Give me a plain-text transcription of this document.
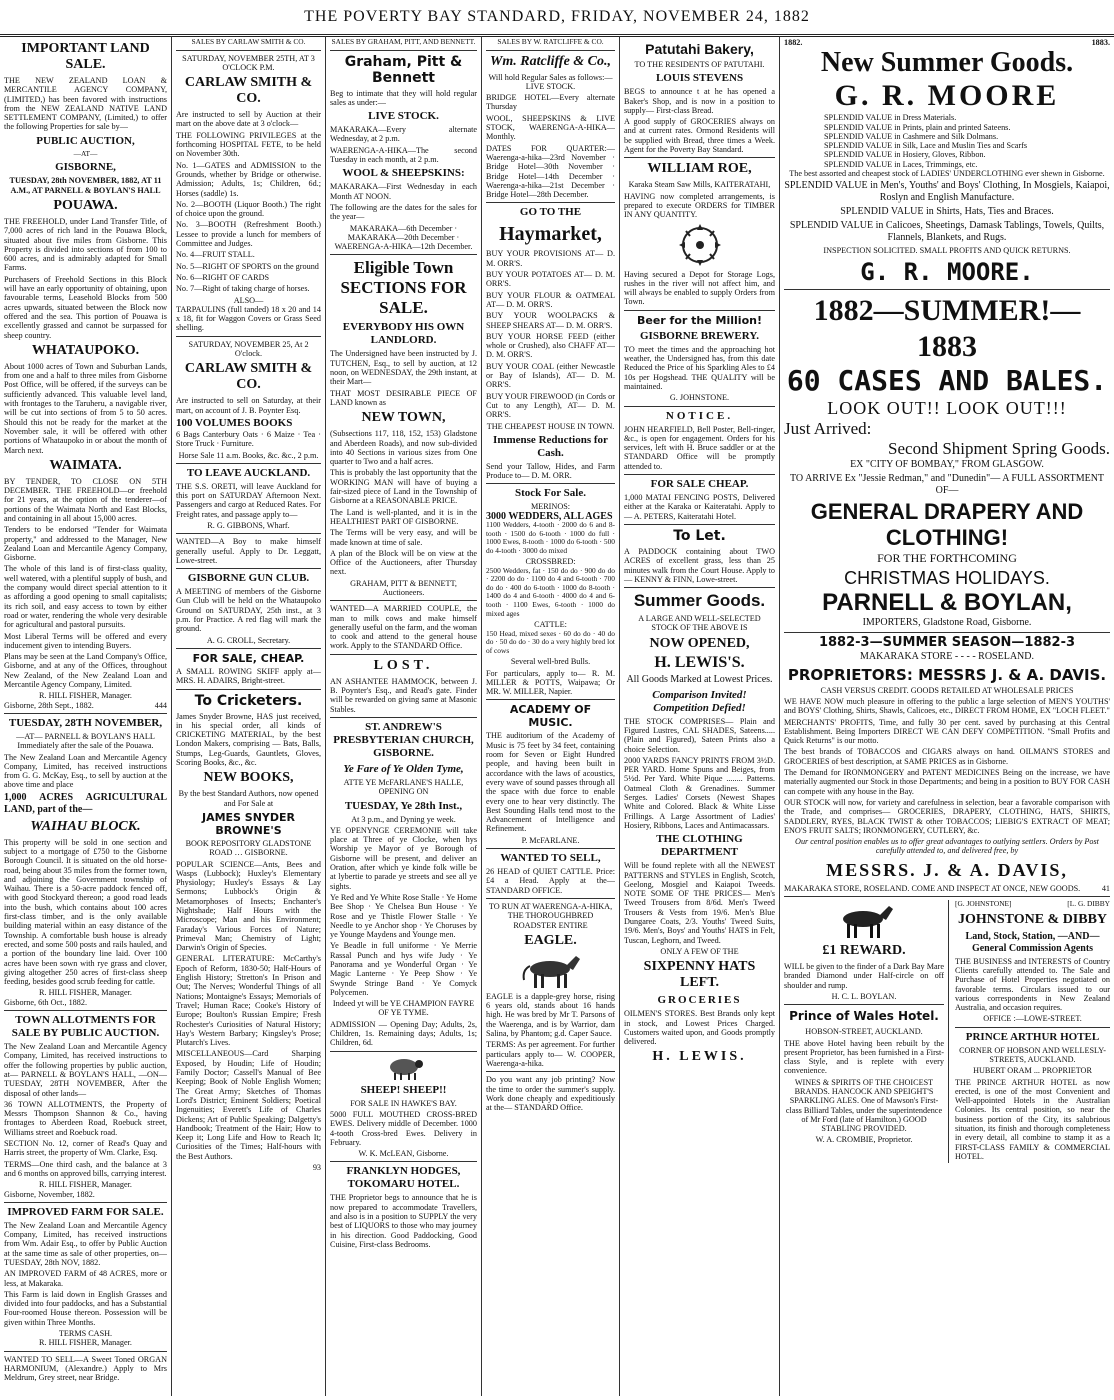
THE POVERTY BAY STANDARD, FRIDAY, NOVEMBER 24, 1882
IMPORTANT LAND SALE.

THE NEW ZEALAND LOAN & MERCANTILE AGENCY COMPANY, (LIMITED,) has been favored with instructions from the NEW ZEALAND NATIVE LAND SETTLEMENT COMPANY, (Limited,) to offer the following Properties for sale by—

PUBLIC AUCTION,
—AT—
GISBORNE,
TUESDAY, 28th NOVEMBER, 1882, AT 11 A.M., AT PARNELL & BOYLAN'S HALL
POUAWA.

THE FREEHOLD, under Land Transfer Title, of 7,000 acres of rich land in the Pouawa Block, situated about five miles from Gisborne. This Property is divided into sections of from 100 to 600 acres, and is admirably adapted for Small Farms.

Purchasers of Freehold Sections in this Block will have an early opportunity of obtaining, upon favourable terms, Leasehold Blocks from 500 acres upwards, situated between the Block now offered and the sea. This portion of Pouawa is excellently grassed and cannot be surpassed for sheep country.

WHATAUPOKO.

About 1000 acres of Town and Suburban Lands, from one and a half to three miles from Gisborne Post Office, will be offered, if the surveys can be sufficiently advanced. This valuable level land, with frontages to the Taruheru, a navigable river, will be cut into sections of from 5 to 50 acres. Should this not be ready for the market at the November sale, it will be offered with other portions of Whataupoko in or about the month of March next.

WAIMATA.

BY TENDER, TO CLOSE ON 5TH DECEMBER. THE FREEHOLD—or freehold for 21 years, at the option of the tenderer—of portions of the Waimata North and East Blocks, and containing in all about 15,000 acres.

Tenders to be endorsed "Tender for Waimata property," and addressed to the Manager, New Zealand Loan and Mercantile Agency Company, Gisborne.

The whole of this land is of first-class quality, well watered, with a plentiful supply of bush, and the company would direct special attention to it as affording a good opening to small capitalists; its rich soil, and easy access to town by either road or water, rendering the whole very desirable for agricultural and pastoral pursuits.

Most Liberal Terms will be offered and every inducement given to intending Buyers.

Plans may be seen at the Land Company's Office, Gisborne, and at any of the Offices, throughout New Zealand, of the New Zealand Loan and Mercantile Agency Company, Limited.

R. HILL FISHER, Manager.
Gisborne, 28th Sept., 1882.	444
TUESDAY, 28TH NOVEMBER,

—AT— PARNELL & BOYLAN'S HALL Immediately after the sale of the Pouawa.

The New Zealand Loan and Mercantile Agency Company, Limited, has received instructions from G. G. McKay, Esq., to sell by auction at the above time and place

1,000 ACRES AGRICULTURAL LAND, part of the—
WAIHAU BLOCK.

This property will be sold in one section and subject to a mortgage of £750 to the Gisborne Borough Council. It is situated on the old horse-road, being about 35 miles from the former town, and adjoining the Government township of Waihau. There is a 50-acre paddock fenced off, with good Stockyard thereon; a good road leads into the bush, which contains about 100 acres first-class timber, and is the only available building material within an easy distance of the Township. A comfortable bush house is already erected, and some 500 posts and rails hauled, and a portion of the boundary line laid. Over 100 acres have been sown with rye grass and clover, giving altogether 250 acres of first-class sheep feeding, besides good scrub feeding for cattle.

R. HILL FISHER, Manager.
Gisborne, 6th Oct., 1882.
TOWN ALLOTMENTS FOR SALE BY PUBLIC AUCTION.

The New Zealand Loan and Mercantile Agency Company, Limited, has received instructions to offer the following properties by public auction, at— PARNELL & BOYLAN'S HALL, —ON— TUESDAY, 28TH NOVEMBER, After the disposal of other lands—

36 TOWN ALLOTMENTS, the Property of Messrs Thompson Shannon & Co., having frontages to Aberdeen Road, Roebuck street, Williams street and Roebuck road.

SECTION No. 12, corner of Read's Quay and Harris street, the property of Wm. Clarke, Esq.

TERMS—One third cash, and the balance at 3 and 6 months on approved bills, carrying interest.

R. HILL FISHER, Manager.
Gisborne, November, 1882.
IMPROVED FARM FOR SALE.

The New Zealand Loan and Mercantile Agency Company, Limited, has received instructions from Wm. Adair Esq., to offer by Public Auction at the same time as sale of other properties, on— TUESDAY, 28th NOV, 1882.

AN IMPROVED FARM of 48 ACRES, more or less, at Makaraka.

This Farm is laid down in English Grasses and divided into four paddocks, and has a Substantial Four-roomed House thereon. Possession will be given within Three Months.

TERMS CASH.
R. HILL FISHER, Manager.

WANTED TO SELL—A Sweet Toned ORGAN HARMONIUM, (Alexandre.) Apply to Mrs Meldrum, Grey street, near Bridge.

SALES BY CARLAW SMITH & CO.
SATURDAY, NOVEMBER 25TH, AT 3 O'CLOCK P.M.
CARLAW SMITH & CO.

Are instructed to sell by Auction at their mart on the above date at 3 o'clock—

THE FOLLOWING PRIVILEGES at the forthcoming HOSPITAL FETE, to be held on November 30th.

No. 1—GATES and ADMISSION to the Grounds, whether by Bridge or otherwise. Admission; Adults, 1s; Children, 6d.; Horses (saddle) 1s.

No. 2—BOOTH (Liquor Booth.) The right of choice upon the ground.

No. 3—BOOTH (Refreshment Booth.) Lessee to provide a lunch for members of Committee and Judges.

No. 4—FRUIT STALL.

No. 5—RIGHT OF SPORTS on the ground

No. 6—RIGHT OF CARDS

No. 7—Right of taking charge of horses.

ALSO—

TARPAULINS (full tanded) 18 x 20 and 14 x 18, fit for Waggon Covers or Grass Seed shelling.

SATURDAY, NOVEMBER 25, At 2 O'clock.
CARLAW SMITH & CO.

Are instructed to sell on Saturday, at their mart, on account of J. B. Poynter Esq.

100 VOLUMES BOOKS

6 Bags Canterbury Oats · 6 Maize · Tea · Store Truck · Furniture.

Horse Sale 11 a.m. Books, &c. &c., 2 p.m.

TO LEAVE AUCKLAND.

THE S.S. ORETI, will leave Auckland for this port on SATURDAY Afternoon Next. Passengers and cargo at Reduced Rates. For Freight rates, and passage apply to—

R. G. GIBBONS, Wharf.

WANTED—A Boy to make himself generally useful. Apply to Dr. Leggatt, Lowe-street.

GISBORNE GUN CLUB.

A MEETING of members of the Gisborne Gun Club will be held on the Whataupoko Ground on SATURDAY, 25th inst., at 3 p.m. for Practice. A red flag will mark the ground.

A. G. CROLL, Secretary.
FOR SALE, CHEAP.

A SMALL ROWING SKIFF apply at— MRS. H. ADAIRS, Bright-street.

To Cricketers.

James Snyder Browne, HAS just received, in his special order, all kinds of CRICKETING MATERIAL, by the best London Makers, comprising — Bats, Balls, Stumps, Leg-Guards, Gauntlets, Gloves, Scoring Books, &c., &c.

NEW BOOKS,

By the best Standard Authors, now opened and For Sale at

JAMES SNYDER BROWNE'S

BOOK REPOSITORY GLADSTONE ROAD … GISBORNE.

POPULAR SCIENCE—Ants, Bees and Wasps (Lubbock); Huxley's Elementary Physiology; Huxley's Essays & Lay Sermons; Lubbock's Origin & Metamorphoses of Insects; Enchanter's Nightshade; Half Hours with the Microscope; Man and his Environment; Faraday's Various Forces of Nature; Primeval Man; Chemistry of Light; Darwin's Origin of Species.

GENERAL LITERATURE: McCarthy's Epoch of Reform, 1830-50; Half-Hours of English History; Stretton's In Prison and Out; The Nerves; Wonderful Things of all Nations; Montaigne's Essays; Memorials of Travel; Human Race; Cooke's History of Europe; Boulton's Russian Empire; Fresh Rochester's Curiosities of Natural History; Hay's Western Barbary; Kingsley's Prose; Plutarch's Lives.

MISCELLANEOUS—Card Sharping Exposed, by Houdin; Life of Houdin; Family Doctor; Cassell's Manual of Bee Keeping; Book of Noble English Women; The Great Army; Sketches of Thomas Lord's District; Eminent Soldiers; Poetical Ingenuities; Everett's Life of Charles Dickens; Art of Public Speaking; Dalgetty's Handbook; Treatment of the Hair; How to Keep it; Long Life and How to Reach It; Curiosities of the Times; Half-hours with the Best Authors.

93
SALES BY GRAHAM, PITT, AND BENNETT.
Graham, Pitt & Bennett

Beg to intimate that they will hold regular sales as under:—

LIVE STOCK.

MAKARAKA—Every alternate Wednesday, at 2 p.m.

WAERENGA-A-HIKA—The second Tuesday in each month, at 2 p.m.

WOOL & SHEEPSKINS:

MAKARAKA—First Wednesday in each Month AT NOON.

The following are the dates for the sales for the year—

MAKARAKA—6th December · MAKARAKA—20th December · WAERENGA-A-HIKA—12th December.

Eligible Town SECTIONS FOR SALE.
EVERYBODY HIS OWN LANDLORD.

The Undersigned have been instructed by J. TUTCHEN, Esq., to sell by auction, at 12 noon, on WEDNESDAY, the 29th instant, at their Mart—

THAT MOST DESIRABLE PIECE OF LAND known as

NEW TOWN,

(Subsections 117, 118, 152, 153) Gladstone and Aberdeen Roads), and now sub-divided into 40 Sections in various sizes from One quarter to Two and a half acres.

This is probably the last opportunity that the WORKING MAN will have of buying a fair-sized piece of Land in the Township of Gisborne at a REASONABLE PRICE.

The Land is well-planted, and it is in the HEALTHIEST PART OF GISBORNE.

The Terms will be very easy, and will be made known at time of sale.

A plan of the Block will be on view at the Office of the Auctioneers, after Thursday next.

GRAHAM, PITT & BENNETT, Auctioneers.

WANTED—A MARRIED COUPLE, the man to milk cows and make himself generally useful on the farm, and the woman to cook and attend to the general house work. Apply to the STANDARD Office.

LOST.

AN ASHANTEE HAMMOCK, between J. B. Poynter's Esq., and Read's gate. Finder will be rewarded on giving same at Masonic Stables.

ST. ANDREW'S PRESBYTERIAN CHURCH, GISBORNE.
Ye Fare of Ye Olden Tyme,

ATTE YE McFARLANE'S HALLE, OPENING ON

TUESDAY, Ye 28th Inst.,

At 3 p.m., and Dyning ye week.

YE OPENYNGE CEREMONIE will take place at Three of ye Clocke, when hys Worship ye Mayor of ye Borough of Gisborne will be present, and deliver an Oration, after which ye kinde folk wille be at lybertie to parade ye streets and see all ye sights.

Ye Red and Ye White Rose Stalle · Ye Home Bee Shop · Ye Chelsea Bun House · Ye Rose and ye Thistle Flower Stalle · Ye Needle to ye Anchor shop · Ye Choruses by ye Younge Maydens and Younge men.

Ye Beadle in full uniforme · Ye Merrie Rassal Punch and hys wife Judy · Ye Panorama and ye Wonderful Organ · Ye Magic Lanterne · Ye Peep Show · Ye Swynde Stringe Band · Ye Comyck Polycemen.

Indeed yt will be YE CHAMPION FAYRE OF YE TYME.

ADMISSION — Opening Day; Adults, 2s, Children, 1s. Remaining days; Adults, 1s; Children, 6d.

SHEEP! SHEEP!!

FOR SALE IN HAWKE'S BAY.

5000 FULL MOUTHED CROSS-BRED EWES. Delivery middle of December. 1000 4-tooth Cross-bred Ewes. Delivery in February.

W. K. McLEAN, Gisborne.
FRANKLYN HODGES, TOKOMARU HOTEL.

THE Proprietor begs to announce that he is now prepared to accommodate Travellers, and also is in a position to SUPPLY the very best of LIQUORS to those who may journey in his direction. Good Paddocking, Good Cuisine, First-class Bedrooms.

SALES BY W. RATCLIFFE & CO.
Wm. Ratcliffe & Co.,

Will hold Regular Sales as follows:— LIVE STOCK.

BRIDGE HOTEL—Every alternate Thursday

WOOL, SHEEPSKINS & LIVE STOCK, WAERENGA-A-HIKA—Monthly.

DATES FOR QUARTER:— Waerenga-a-hika—23rd November · Bridge Hotel—30th November · Bridge Hotel—14th December · Waerenga-a-hika—21st December · Bridge Hotel—28th December.

GO TO THE
Haymarket,

BUY YOUR PROVISIONS AT— D. M. ORR'S.

BUY YOUR POTATOES AT— D. M. ORR'S.

BUY YOUR FLOUR & OATMEAL AT— D. M. ORR'S.

BUY YOUR WOOLPACKS & SHEEP SHEARS AT— D. M. ORR'S.

BUY YOUR HORSE FEED (either whole or Crushed), also CHAFF AT— D. M. ORR'S.

BUY YOUR COAL (either Newcastle or Bay of Islands), AT— D. M. ORR'S.

BUY YOUR FIREWOOD (in Cords or Cut to any Length), AT— D. M. ORR'S.

THE CHEAPEST HOUSE IN TOWN.

Immense Reductions for Cash.

Send your Tallow, Hides, and Farm Produce to— D. M. ORR.

Stock For Sale.
MERINOS:
3000 WEDDERS, ALL AGES

1100 Wedders, 4-tooth · 2000 do 6 and 8-tooth · 1500 do 6-tooth · 1000 do full · 1000 Ewes, 8-tooth · 1000 do 6-tooth · 500 do 4-tooth · 3000 do mixed

CROSSBRED:

2500 Wedders, fat · 150 do do · 900 do do · 2200 do do · 1100 do 4 and 6-tooth · 700 do do · 400 do 6-tooth · 1000 do 8-tooth · 1400 do 4 and 6-tooth · 4000 do 4 and 6-tooth · 1100 Ewes, 6-tooth · 1000 do mixed ages

CATTLE:

150 Head, mixed sexes · 60 do do · 40 do do · 50 do do · 30 do a very highly bred lot of cows

Several well-bred Bulls.

For particulars, apply to— R. M. MILLER & POTTS, Waipawa; Or MR. W. MILLER, Napier.

ACADEMY OF MUSIC.

THE auditorium of the Academy of Music is 75 feet by 34 feet, containing room for Seven or Eight Hundred people, and having been built in accordance with the laws of acoustics, every wave of sound passes through all the space with due force to enable every one to hear very distinctly. The Best Sounding Halls tend most to the Advancement of Intelligence and Refinement.

P. McFARLANE.
WANTED TO SELL,

26 HEAD of QUIET CATTLE. Price: £4 a Head. Apply at the— STANDARD OFFICE.

TO RUN AT WAERENGA-A-HIKA, THE THOROUGHBRED ROADSTER ENTIRE

EAGLE.

EAGLE is a dapple-grey horse, rising 6 years old, stands about 16 hands high. He was bred by Mr T. Parsons of the Waerenga, and is by Warrior, dam Salina, by Phantom; g.d. Caper Sauce.

TERMS: As per agreement. For further particulars apply to— W. COOPER, Waerenga-a-hika.

Do you want any job printing? Now the time to order the summer's supply. Work done cheaply and expeditiously at the— STANDARD Office.

Patutahi Bakery,

TO THE RESIDENTS OF PATUTAHI.

LOUIS STEVENS

BEGS to announce t at he has opened a Baker's Shop, and is now in a position to supply— First-class Bread.

A good supply of GROCERIES always on and at current rates. Ormond Residents will be supplied with Bread, three times a Week. Agent for the Poverty Bay Standard.

WILLIAM ROE,

Karaka Steam Saw Mills, KAITERATAHI,

HAVING now completed arrangements, is prepared to execute ORDERS for TIMBER IN ANY QUANTITY.

Having secured a Depot for Storage Logs, rushes in the river will not affect him, and will always be enabled to supply Orders from Town.

Beer for the Million!
GISBORNE BREWERY.

TO meet the times and the approaching hot weather, the Undersigned has, from this date Reduced the Price of his Sparkling Ales to £4 10s per Hogshead. THE QUALITY will be maintained.

G. JOHNSTONE.
NOTICE.

JOHN HEARFIELD, Bell Poster, Bell-ringer, &c., is open for engagement. Orders for his services, left with H. Bruce saddler or at the STANDARD Office will be promptly attended to.

FOR SALE CHEAP.

1,000 MATAI FENCING POSTS, Delivered either at the Karaka or Kaiteratahi. Apply to— A. PETERS, Kaiteratahi Hotel.

To Let.

A PADDOCK containing about TWO ACRES of excellent grass, less than 25 minutes walk from the Court House. Apply to— KENNY & FINN, Lowe-street.

Summer Goods.

A LARGE AND WELL-SELECTED STOCK OF THE ABOVE IS

NOW OPENED,
H. LEWIS'S.

All Goods Marked at Lowest Prices.

Comparison Invited! Competition Defied!

THE STOCK COMPRISES— Plain and Figured Lustres, CAL SHADES, Sateens.....(Plain and Figured), Sateen Prints also a choice Selection.

2000 YARDS FANCY PRINTS FROM 3½D. PER YARD. Home Spuns and Beiges, from 5½d. Per Yard. White Pique ........ Patterns. Oatmeal Cloth & Grenadines. Summer Serges. Ladies' Corsets (Newest Shapes White and Colored. Black & White Lisse Frillings. A Large Assortment of Ladies' Hosiery, Ribbons, Laces and Antimacassars.

THE CLOTHING DEPARTMENT

Will be found replete with all the NEWEST PATTERNS and STYLES in English, Scotch, Geelong, Mosgiel and Kaiapoi Tweeds. NOTE SOME OF THE PRICES— Men's Tweed Trousers from 8/6d. Men's Tweed Trousers & Vests from 19/6. Men's Blue Dungaree Coats, 2/3. Youths' Tweed Suits, 19/6. Men's, Boys' and Youths' HATS in Felt, Tuscan, Leghorn, and Tweed.

ONLY A FEW OF THE

SIXPENNY HATS LEFT.
GROCERIES

OILMEN'S STORES. Best Brands only kept in stock, and Lowest Prices Charged. Customers waited upon, and Goods promptly delivered.

H. LEWIS.
1882.	1883.
New Summer Goods.
G. R. MOORE

SPLENDID VALUE in Dress Materials.

SPLENDID VALUE in Prints, plain and printed Sateens.

SPLENDID VALUE in Cashmere and Silk Dolmans.

SPLENDID VALUE in Silk, Lace and Muslin Ties and Scarfs

SPLENDID VALUE in Hosiery, Gloves, Ribbon.

SPLENDID VALUE in Laces, Trimmings, etc.

The best assorted and cheapest stock of LADIES' UNDERCLOTHING ever shewn in Gisborne.

SPLENDID VALUE in Men's, Youths' and Boys' Clothing, In Mosgiels, Kaiapoi, Roslyn and English Manufacture.

SPLENDID VALUE in Shirts, Hats, Ties and Braces.

SPLENDID VALUE in Calicoes, Sheetings, Damask Tablings, Towels, Quilts, Flannels, Blankets, and Rugs.

INSPECTION SOLICITED. SMALL PROFITS AND QUICK RETURNS.

G. R. MOORE.
1882—SUMMER!—1883
60 CASES AND BALES.
LOOK OUT!! LOOK OUT!!!
Just Arrived:
Second Shipment Spring Goods.

EX "CITY OF BOMBAY," FROM GLASGOW.

TO ARRIVE Ex "Jessie Redman," and "Dunedin"— A FULL ASSORTMENT OF—

GENERAL DRAPERY AND CLOTHING!

FOR THE FORTHCOMING

CHRISTMAS HOLIDAYS.
PARNELL & BOYLAN,

IMPORTERS, Gladstone Road, Gisborne.

1882-3—SUMMER SEASON—1882-3

MAKARAKA STORE - - - - ROSELAND.

PROPRIETORS: MESSRS J. & A. DAVIS.

CASH VERSUS CREDIT. GOODS RETAILED AT WHOLESALE PRICES

WE HAVE NOW much pleasure in offering to the public a large selection of MEN'S YOUTHS' and BOYS' Clothing, Shirts, Shawls, Calicoes, etc., DIRECT FROM HOME, EX "LOCH FLEET."

MERCHANTS' PROFITS, Time, and fully 30 per cent. saved by purchasing at this Central Establishment. Being Importers DIRECT WE CAN DEFY COMPETITION. "Small Profits and Quick Returns" is our motto.

The best brands of TOBACCOS and CIGARS always on hand. OILMAN'S STORES and GROCERIES of best description, at SAME PRICES as in Gisborne.

The Demand for IRONMONGERY and PATENT MEDICINES Being on the increase, we have materially augmented our Stock in those Departments; and being in a position to BUY FOR CASH can compete with any house in the Bay.

OUR STOCK will now, for variety and carefulness in selection, bear a favorable comparison with the Trade, and comprises— GROCERIES, DRAPERY, CLOTHING, HATS, SHIRTS, SADDLERY, RYES, BLACK TWIST & other TOBACCOS; LIEBIG'S EXTRACT OF MEAT; ENO'S FRUIT SALTS; IRONMONGERY, CUTLERY, &c.

Our central position enables us to offer great advantages to outlying settlers. Orders by Post carefully attended to, and delivered free, by

MESSRS. J. & A. DAVIS,
MAKARAKA STORE, ROSELAND. COME AND INSPECT AT ONCE, NEW GOODS.	41
£1 REWARD.

WILL be given to the finder of a Dark Bay Mare branded Diamond under Half-circle on off shoulder and rump.

H. C. L. BOYLAN.
Prince of Wales Hotel.

HOBSON-STREET, AUCKLAND.

THE above Hotel having been rebuilt by the present Proprietor, has been furnished in a First-class Style, and is replete with every convenience.

WINES & SPIRITS OF THE CHOICEST BRANDS. HANCOCK AND SPEIGHT'S SPARKLING ALES. One of Mawson's First-class Billiard Tables, under the superintendence of Mr Ford (late of Hamilton.) GOOD STABLING PROVIDED.

W. A. CROMBIE, Proprietor.
[G. JOHNSTONE]	[L. G. DIBBY
JOHNSTONE & DIBBY

Land, Stock, Station, —AND— General Commission Agents

THE BUSINESS and INTERESTS of Country Clients carefully attended to. The Sale and Purchase of Hotel Properties negotiated on favorable terms. Circulars issued to our various correspondents in New Zealand Australia, and occasion requires.

OFFICE :—LOWE-STREET.

PRINCE ARTHUR HOTEL

CORNER OF HOBSON AND WELLESLY-STREETS, AUCKLAND.

HUBERT ORAM ... PROPRIETOR

THE PRINCE ARTHUR HOTEL as now erected, is one of the most Convenient and Well-appointed Hotels in the Australian Colonies. Its central position, so near the business portion of the City, its salubrious situation, its finish and thorough completeness in every detail, all combine to stamp it as a FIRST-CLASS FAMILY & COMMERCIAL HOTEL.
